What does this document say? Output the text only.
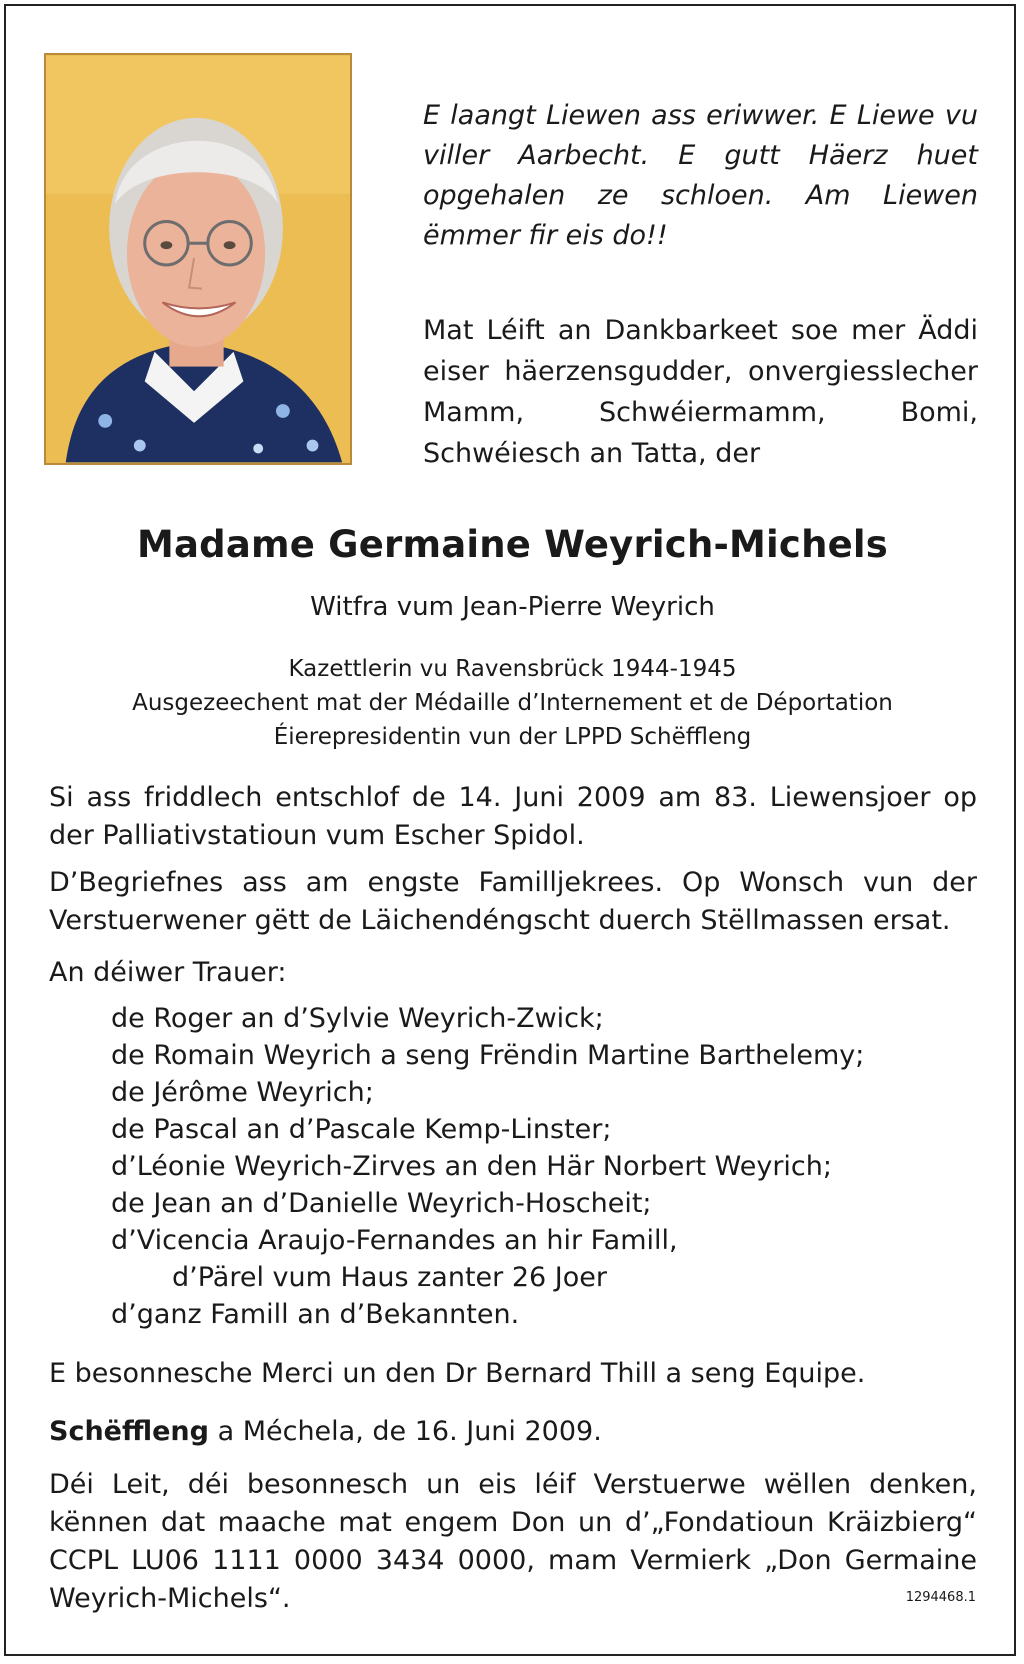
E laangt Liewen ass eriwwer. E Liewe vu viller Aarbecht. E gutt Häerz huet opgehalen ze schloen. Am Liewen ëmmer fir eis do!!
Mat Léift an Dankbarkeet soe mer Äddi eiser häerzensgudder, onvergiesslecher Mamm, Schwéiermamm, Bomi, Schwéiesch an Tatta, der
Madame Germaine Weyrich-Michels
Witfra vum Jean-Pierre Weyrich
Kazettlerin vu Ravensbrück 1944-1945
Ausgezeechent mat der Médaille d’Internement et de Déportation
Éierepresidentin vun der LPPD Schëffleng
Si ass friddlech entschlof de 14. Juni 2009 am 83. Liewensjoer op der Palliativstatioun vum Escher Spidol.
D’Begriefnes ass am engste Familljekrees. Op Wonsch vun der Verstuerwener gëtt de Läichendéngscht duerch Stëllmassen ersat.
An déiwer Trauer:
de Roger an d’Sylvie Weyrich-Zwick;
de Romain Weyrich a seng Frëndin Martine Barthelemy;
de Jérôme Weyrich;
de Pascal an d’Pascale Kemp-Linster;
d’Léonie Weyrich-Zirves an den Här Norbert Weyrich;
de Jean an d’Danielle Weyrich-Hoscheit;
d’Vicencia Araujo-Fernandes an hir Famill,
d’Pärel vum Haus zanter 26 Joer
d’ganz Famill an d’Bekannten.
E besonnesche Merci un den Dr Bernard Thill a seng Equipe.
Schëffleng a Méchela, de 16. Juni 2009.
Déi Leit, déi besonnesch un eis léif Verstuerwe wëllen denken, kënnen dat maache mat engem Don un d’„Fondatioun Kräizbierg“ CCPL LU06 1111 0000 3434 0000, mam Vermierk „Don Germaine Weyrich-Michels“.	1294468.1
